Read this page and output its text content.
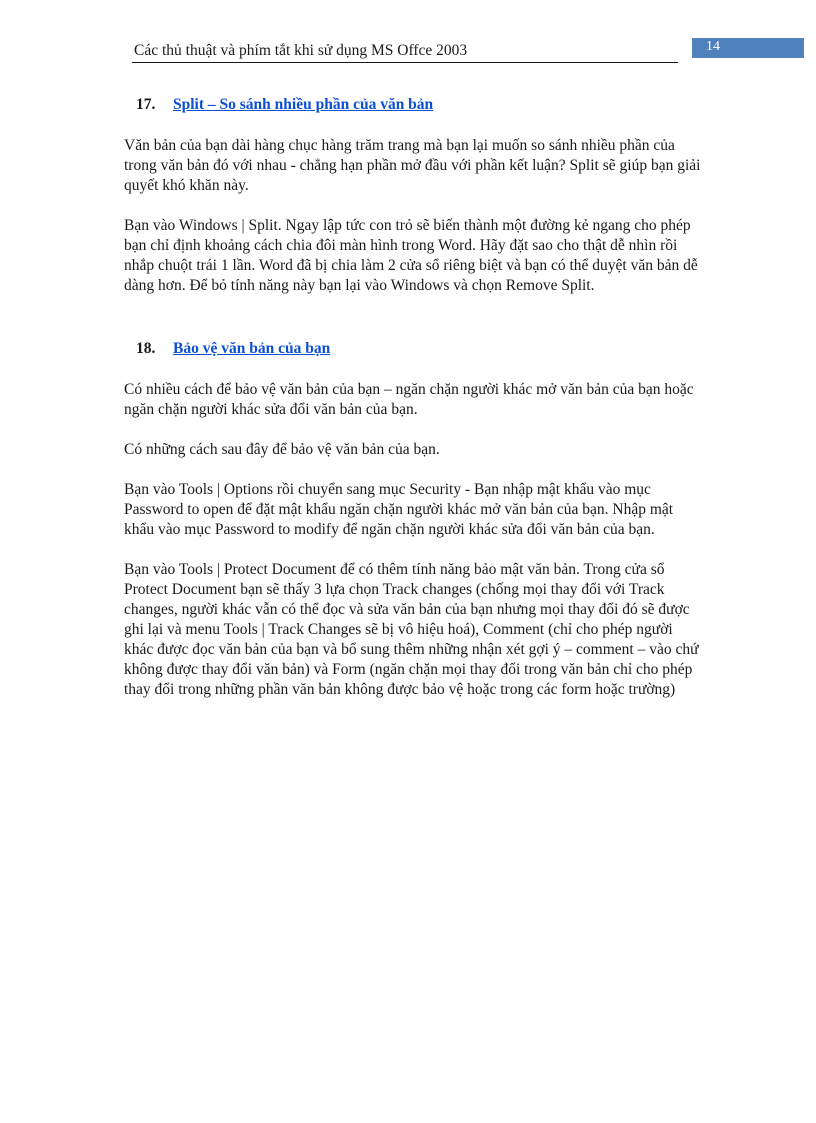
Các thủ thuật và phím tắt khi sử dụng MS Offce 2003	14
17. Split – So sánh nhiều phần của văn bản

Văn bản của bạn dài hàng chục hàng trăm trang mà bạn lại muốn so sánh nhiều phần của trong văn bản đó với nhau - chẳng hạn phần mở đầu với phần kết luận? Split sẽ giúp bạn giải quyết khó khăn này.

Bạn vào Windows | Split. Ngay lập tức con trỏ sẽ biến thành một đường kẻ ngang cho phép bạn chỉ định khoảng cách chia đôi màn hình trong Word. Hãy đặt sao cho thật dễ nhìn rồi nhắp chuột trái 1 lần. Word đã bị chia làm 2 cửa sổ riêng biệt và bạn có thể duyệt văn bản dễ dàng hơn. Để bỏ tính năng này bạn lại vào Windows và chọn Remove Split.

18. Bảo vệ văn bản của bạn

Có nhiều cách để bảo vệ văn bản của bạn – ngăn chặn người khác mở văn bản của bạn hoặc ngăn chặn người khác sửa đổi văn bản của bạn.

Có những cách sau đây để bảo vệ văn bản của bạn.

Bạn vào Tools | Options rồi chuyển sang mục Security - Bạn nhập mật khẩu vào mục Password to open để đặt mật khẩu ngăn chặn người khác mở văn bản của bạn. Nhập mật khẩu vào mục Password to modify để ngăn chặn người khác sửa đổi văn bản của bạn.

Bạn vào Tools | Protect Document để có thêm tính năng bảo mật văn bản. Trong cửa sổ Protect Document bạn sẽ thấy 3 lựa chọn Track changes (chống mọi thay đổi với Track changes, người khác vẫn có thể đọc và sửa văn bản của bạn nhưng mọi thay đổi đó sẽ được ghi lại và menu Tools | Track Changes sẽ bị vô hiệu hoá), Comment (chỉ cho phép người khác được đọc văn bản của bạn và bổ sung thêm những nhận xét gợi ý – comment – vào chứ không được thay đổi văn bản) và Form (ngăn chặn mọi thay đổi trong văn bản chỉ cho phép thay đổi trong những phần văn bản không được bảo vệ hoặc trong các form hoặc trường)
